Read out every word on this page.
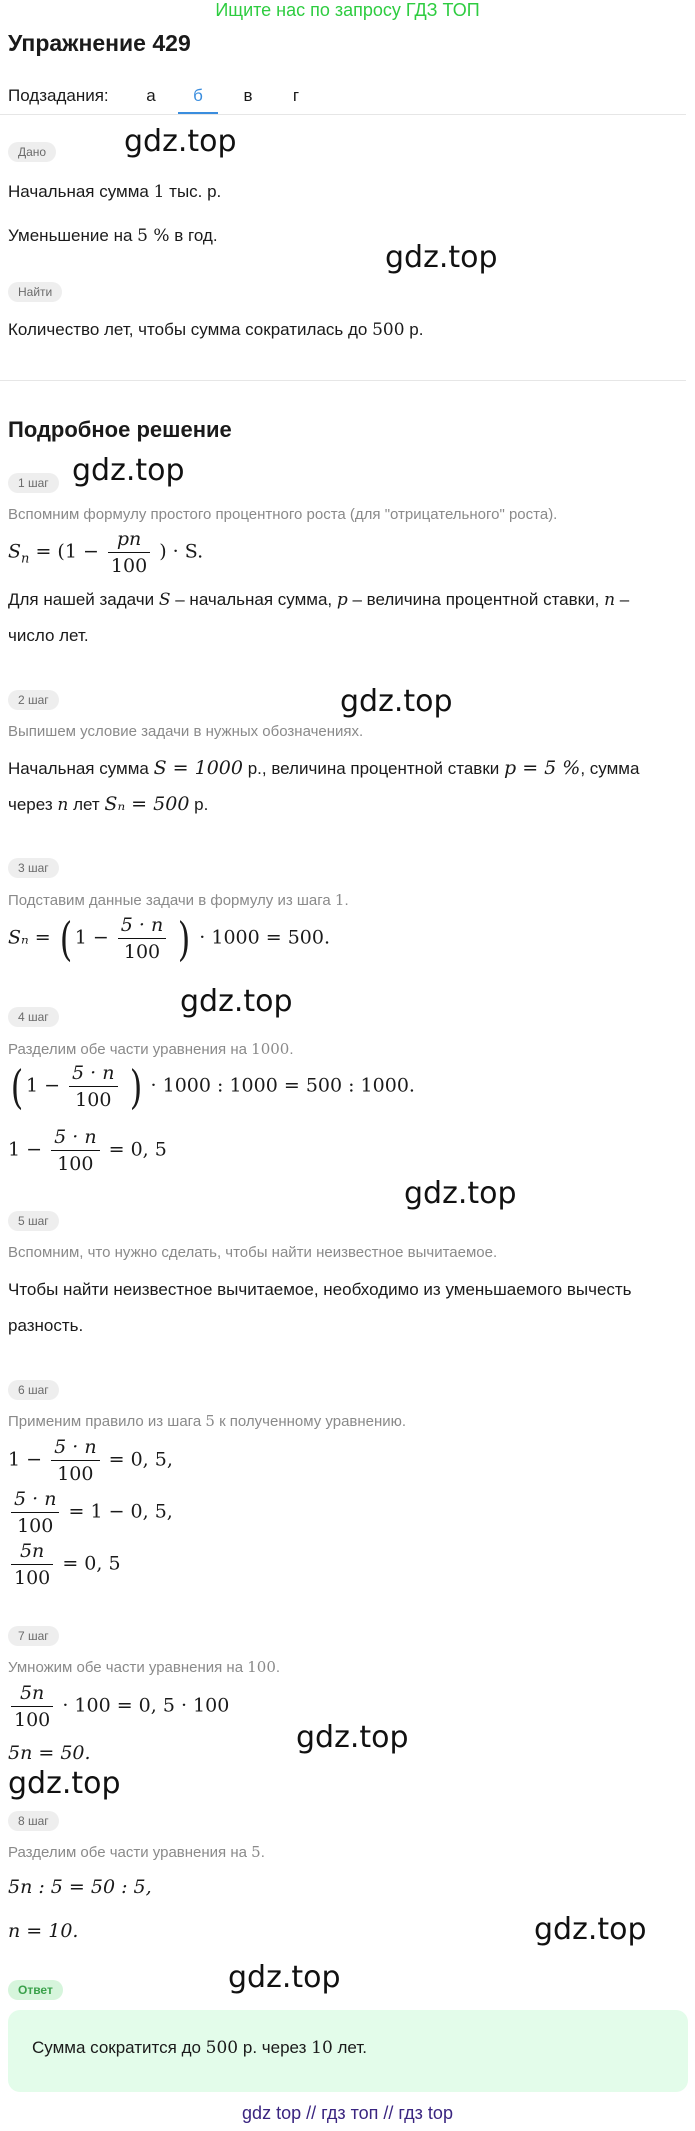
Ищите нас по запросу ГДЗ ТОП
Упражнение 429
Подзадания:	а	б	в	г
Дано	gdz.top
Начальная сумма 1 тыс. р.
Уменьшение на 5 % в год.
gdz.top
Найти
Количество лет, чтобы сумма сократилась до 500 р.
Подробное решение
1 шаг gdz.top
Вспомним формулу простого процентного роста (для "отрицательного" роста).
$S_n = (1 - \frac{pn}{100}$ ) · S.
Для нашей задачи S – начальная сумма, p – величина процентной ставки, n –
число лет.
gdz.top
2 шаг
Выпишем условие задачи в нужных обозначениях.
Начальная сумма S = 1000 р., величина процентной ставки p = 5 %, сумма
через n лет Sₙ = 500 р.
3 шаг
Подставим данные задачи в формулу из шага 1.
Sₙ = ( $1 - \frac{5 \cdot n}{100}$ ) · 1000 = 500.
4 шаг	gdz.top
Разделим обе части уравнения на 1000.
( $1 - \frac{5 \cdot n}{100}$ ) · 1000 : 1000 = 500 : 1000.
$1 - \frac{5 \cdot n}{100} = 0$, 5
gdz.top
5 шаг
Вспомним, что нужно сделать, чтобы найти неизвестное вычитаемое.
Чтобы найти неизвестное вычитаемое, необходимо из уменьшаемого вычесть
разность.
6 шаг
Применим правило из шага 5 к полученному уравнению.
$1 - \frac{5 \cdot n}{100} = 0$, 5,
$\frac{5 \cdot n}{100} = 1 - 0$, 5,
$\frac{5n}{100} = 0$, 5
7 шаг
Умножим обе части уравнения на 100.
$\frac{5n}{100} \cdot 100 = 0$, 5 · 100
gdz.top
5n = 50.
gdz.top
8 шаг
Разделим обе части уравнения на 5.
5n : 5 = 50 : 5,
n = 10.	gdz.top
gdz.top
Ответ
Сумма сократится до 500 р. через 10 лет.
gdz top // гдз топ // гдз top
